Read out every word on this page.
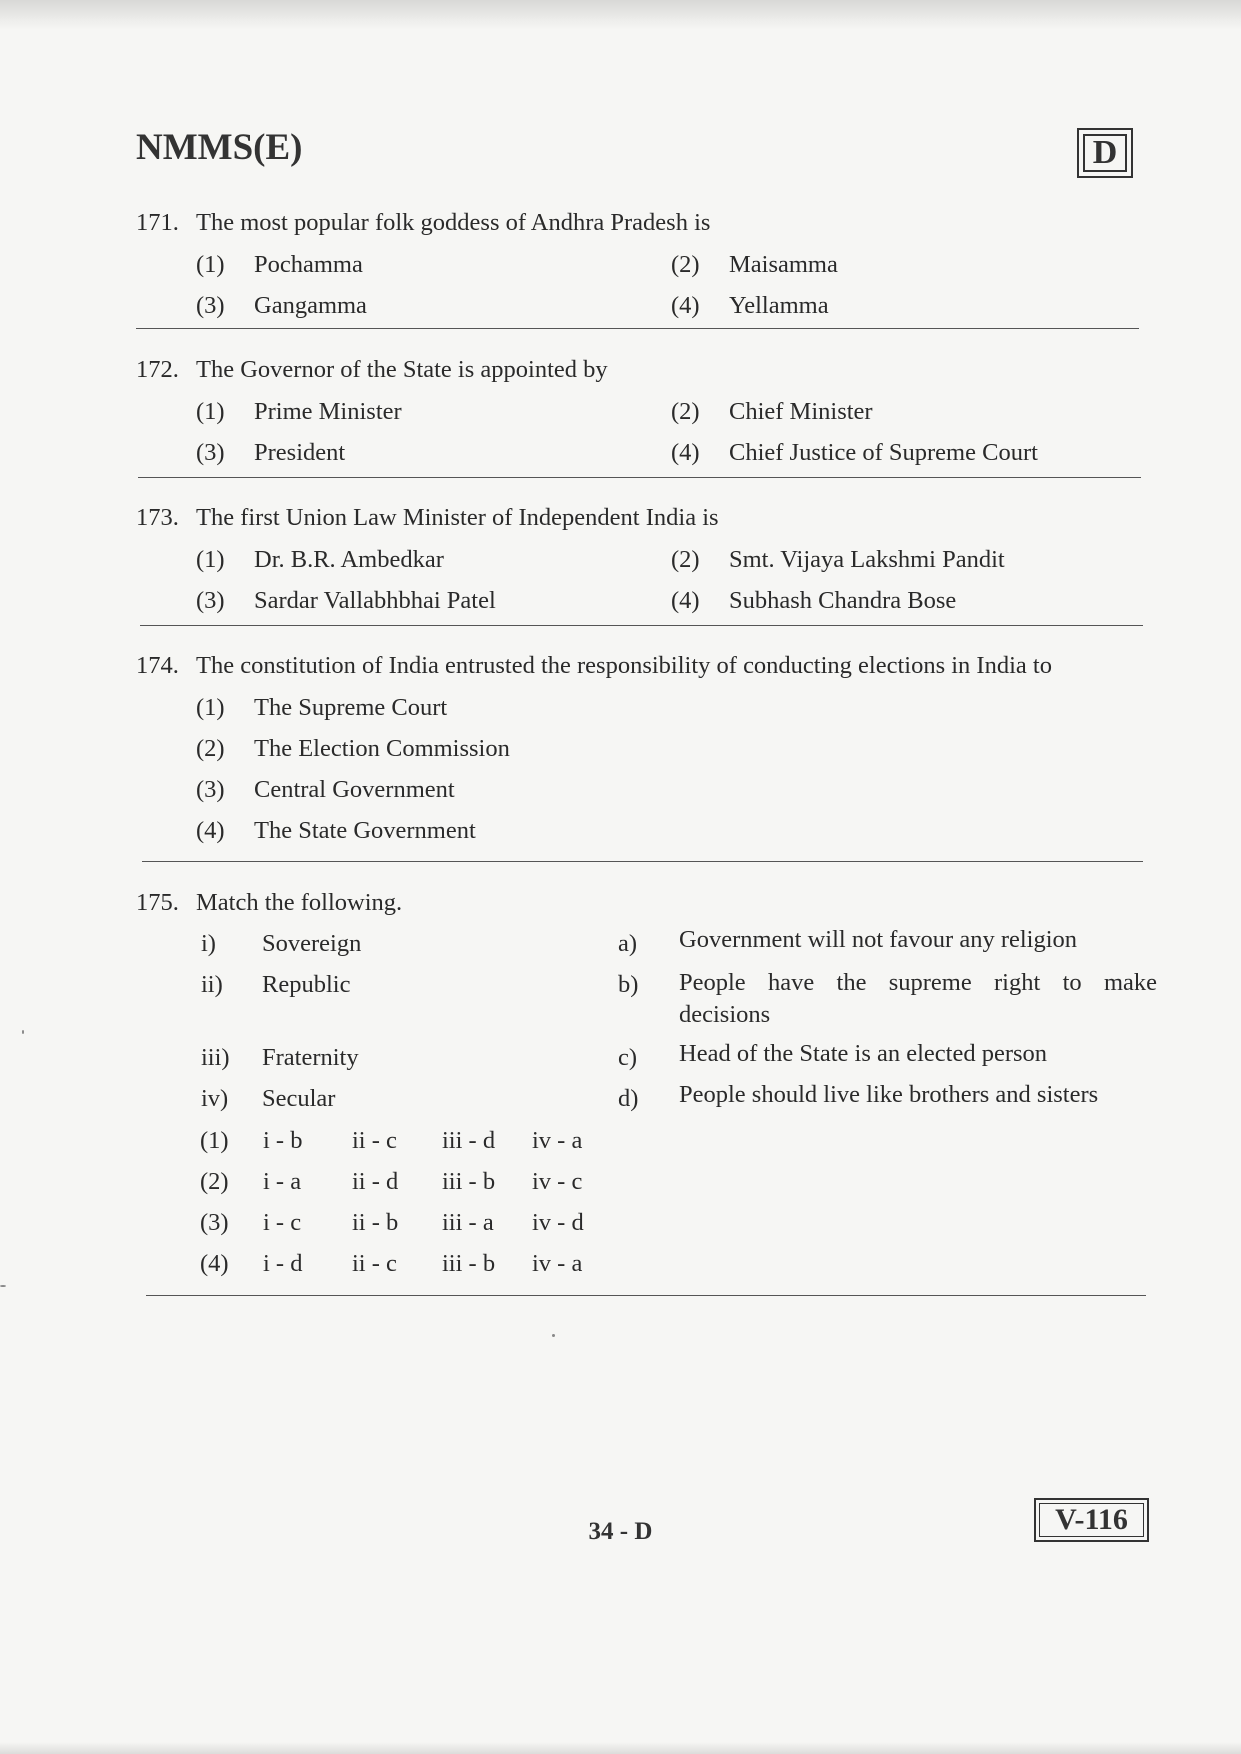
NMMS(E)	D
171. The most popular folk goddess of Andhra Pradesh is
(1) Pochamma	(2) Maisamma
(3) Gangamma	(4) Yellamma
172. The Governor of the State is appointed by
(1) Prime Minister	(2) Chief Minister
(3) President	(4) Chief Justice of Supreme Court
173. The first Union Law Minister of Independent India is
(1) Dr. B.R. Ambedkar	(2) Smt. Vijaya Lakshmi Pandit
(3) Sardar Vallabhbhai Patel	(4) Subhash Chandra Bose
174. The constitution of India entrusted the responsibility of conducting elections in India to
(1) The Supreme Court
(2) The Election Commission
(3) Central Government
(4) The State Government
175. Match the following.
i) Sovereign	a) Government will not favour any religion
ii) Republic	b) People have the supreme right to make decisions
iii) Fraternity	c) Head of the State is an elected person
iv) Secular	d) People should live like brothers and sisters
(1) i - b ii - c iii - d iv - a
(2) i - a ii - d iii - b iv - c
(3) i - c ii - b iii - a iv - d
(4) i - d ii - c iii - b iv - a
34 - D	V-116
